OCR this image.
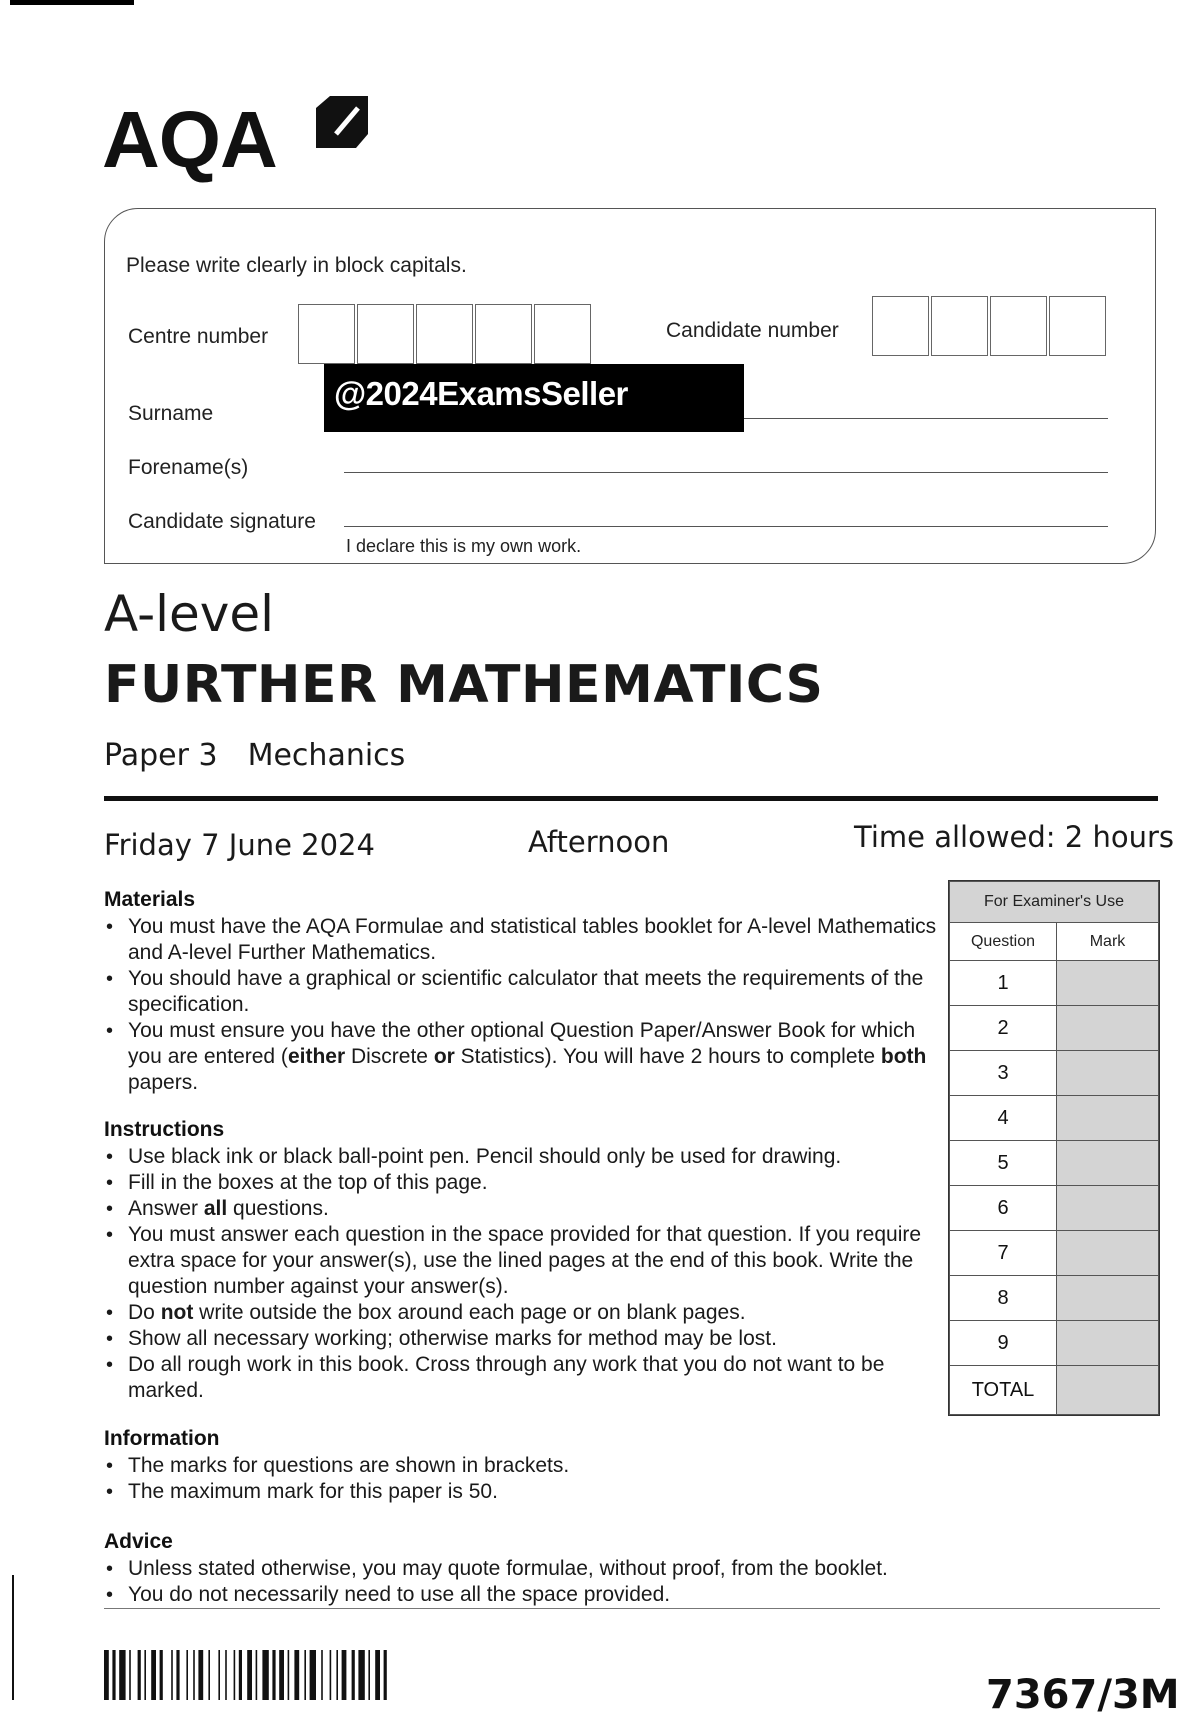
AQA
Please write clearly in block capitals.
Centre number	Candidate number
Surname
Forename(s)
Candidate signature
I declare this is my own work.
@2024ExamsSeller
A-level
FURTHER MATHEMATICS
Paper 3 Mechanics
Friday 7 June 2024	Afternoon	Time allowed: 2 hours
Materials
• You must have the AQA Formulae and statistical tables booklet for A-level Mathematics and A-level Further Mathematics.
• You should have a graphical or scientific calculator that meets the requirements of the specification.
• You must ensure you have the other optional Question Paper/Answer Book for which you are entered (either Discrete or Statistics). You will have 2 hours to complete both papers.
Instructions
• Use black ink or black ball-point pen. Pencil should only be used for drawing.
• Fill in the boxes at the top of this page.
• Answer all questions.
• You must answer each question in the space provided for that question. If you require extra space for your answer(s), use the lined pages at the end of this book. Write the question number against your answer(s).
• Do not write outside the box around each page or on blank pages.
• Show all necessary working; otherwise marks for method may be lost.
• Do all rough work in this book. Cross through any work that you do not want to be marked.
Information
• The marks for questions are shown in brackets.
• The maximum mark for this paper is 50.
Advice
• Unless stated otherwise, you may quote formulae, without proof, from the booklet.
• You do not necessarily need to use all the space provided.
For Examiner's Use	
Question	Mark
1	
2	
3	
4	
5	
6	
7	
8	
9	
TOTAL	
7367/3M
